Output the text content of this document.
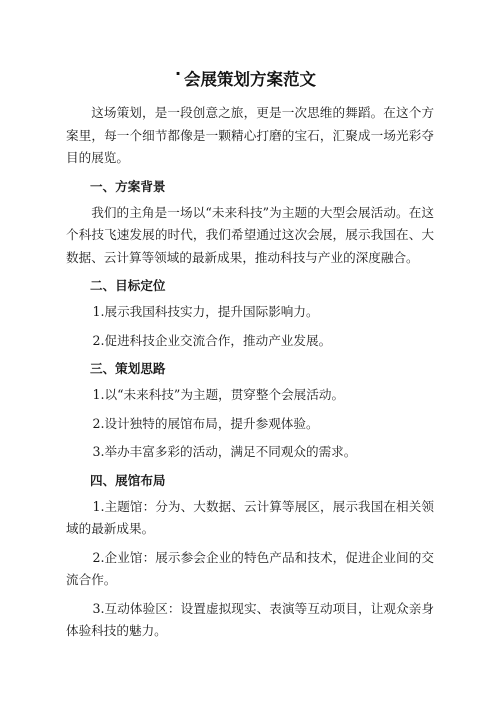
· 会展策划方案范文

这场策划，是一段创意之旅，更是一次思维的舞蹈。在这个方案里，每一个细节都像是一颗精心打磨的宝石，汇聚成一场光彩夺目的展览。

一、方案背景

我们的主角是一场以“未来科技”为主题的大型会展活动。在这个科技飞速发展的时代，我们希望通过这次会展，展示我国在、大数据、云计算等领域的最新成果，推动科技与产业的深度融合。

二、目标定位

1.展示我国科技实力，提升国际影响力。

2.促进科技企业交流合作，推动产业发展。

三、策划思路

1.以“未来科技”为主题，贯穿整个会展活动。

2.设计独特的展馆布局，提升参观体验。

3.举办丰富多彩的活动，满足不同观众的需求。

四、展馆布局

1.主题馆：分为、大数据、云计算等展区，展示我国在相关领域的最新成果。

2.企业馆：展示参会企业的特色产品和技术，促进企业间的交流合作。

3.互动体验区：设置虚拟现实、表演等互动项目，让观众亲身体验科技的魅力。
